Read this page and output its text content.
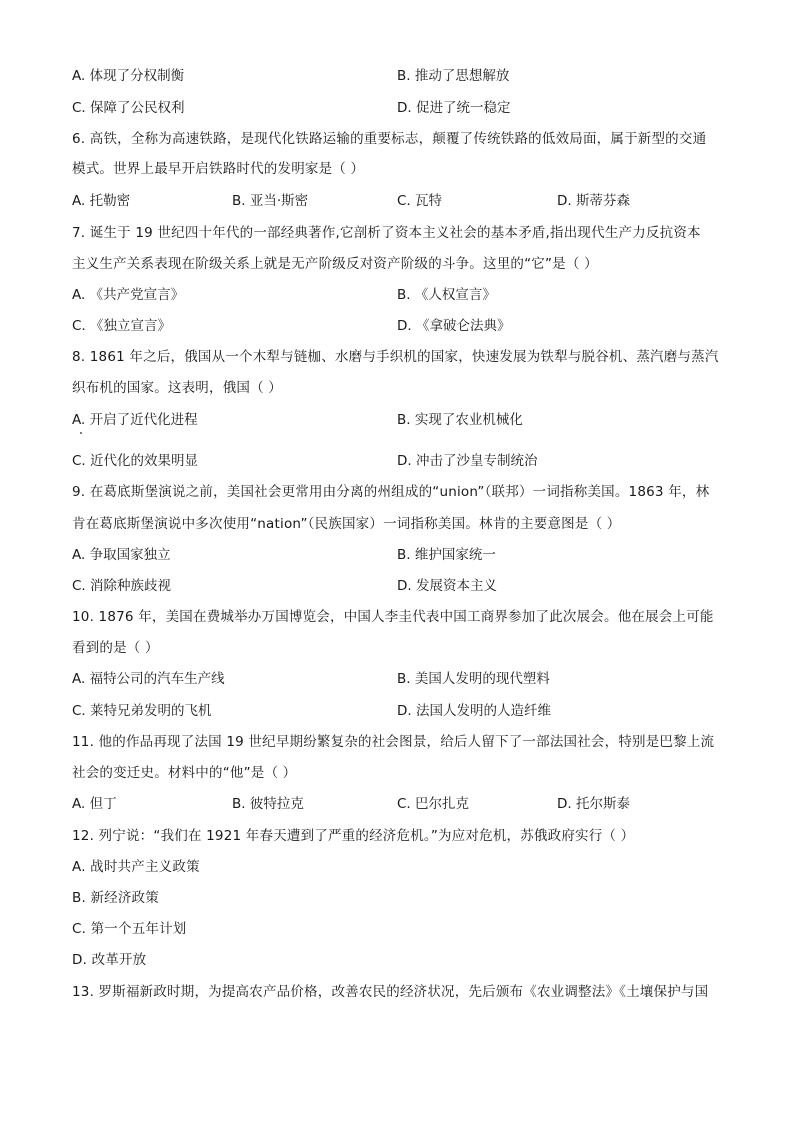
A. 体现了分权制衡	B. 推动了思想解放
C. 保障了公民权利	D. 促进了统一稳定
6. 高铁，全称为高速铁路，是现代化铁路运输的重要标志，颠覆了传统铁路的低效局面，属于新型的交通
模式。世界上最早开启铁路时代的发明家是（ ）
A. 托勒密	B. 亚当·斯密	C. 瓦特	D. 斯蒂芬森
7. 诞生于 19 世纪四十年代的一部经典著作,它剖析了资本主义社会的基本矛盾,指出现代生产力反抗资本
主义生产关系表现在阶级关系上就是无产阶级反对资产阶级的斗争。这里的“它”是（ ）
A. 《共产党宣言》	B. 《人权宣言》
C. 《独立宣言》	D. 《拿破仑法典》
8. 1861 年之后，俄国从一个木犁与链枷、水磨与手织机的国家，快速发展为铁犁与脱谷机、蒸汽磨与蒸汽
织布机的国家。这表明，俄国（ ）
A. 开启了近代化进程	B. 实现了农业机械化
C. 近代化的效果明显	D. 冲击了沙皇专制统治
9. 在葛底斯堡演说之前，美国社会更常用由分离的州组成的“union”（联邦）一词指称美国。1863 年，林
肯在葛底斯堡演说中多次使用“nation”（民族国家）一词指称美国。林肯的主要意图是（ ）
A. 争取国家独立	B. 维护国家统一
C. 消除种族歧视	D. 发展资本主义
10. 1876 年，美国在费城举办万国博览会，中国人李圭代表中国工商界参加了此次展会。他在展会上可能
看到的是（ ）
A. 福特公司的汽车生产线	B. 美国人发明的现代塑料
C. 莱特兄弟发明的飞机	D. 法国人发明的人造纤维
11. 他的作品再现了法国 19 世纪早期纷繁复杂的社会图景，给后人留下了一部法国社会，特别是巴黎上流
社会的变迁史。材料中的“他”是（ ）
A. 但丁	B. 彼特拉克	C. 巴尔扎克	D. 托尔斯泰
12. 列宁说：“我们在 1921 年春天遭到了严重的经济危机。”为应对危机，苏俄政府实行（ ）
A. 战时共产主义政策
B. 新经济政策
C. 第一个五年计划
D. 改革开放
13. 罗斯福新政时期，为提高农产品价格，改善农民的经济状况，先后颁布《农业调整法》《土壤保护与国
